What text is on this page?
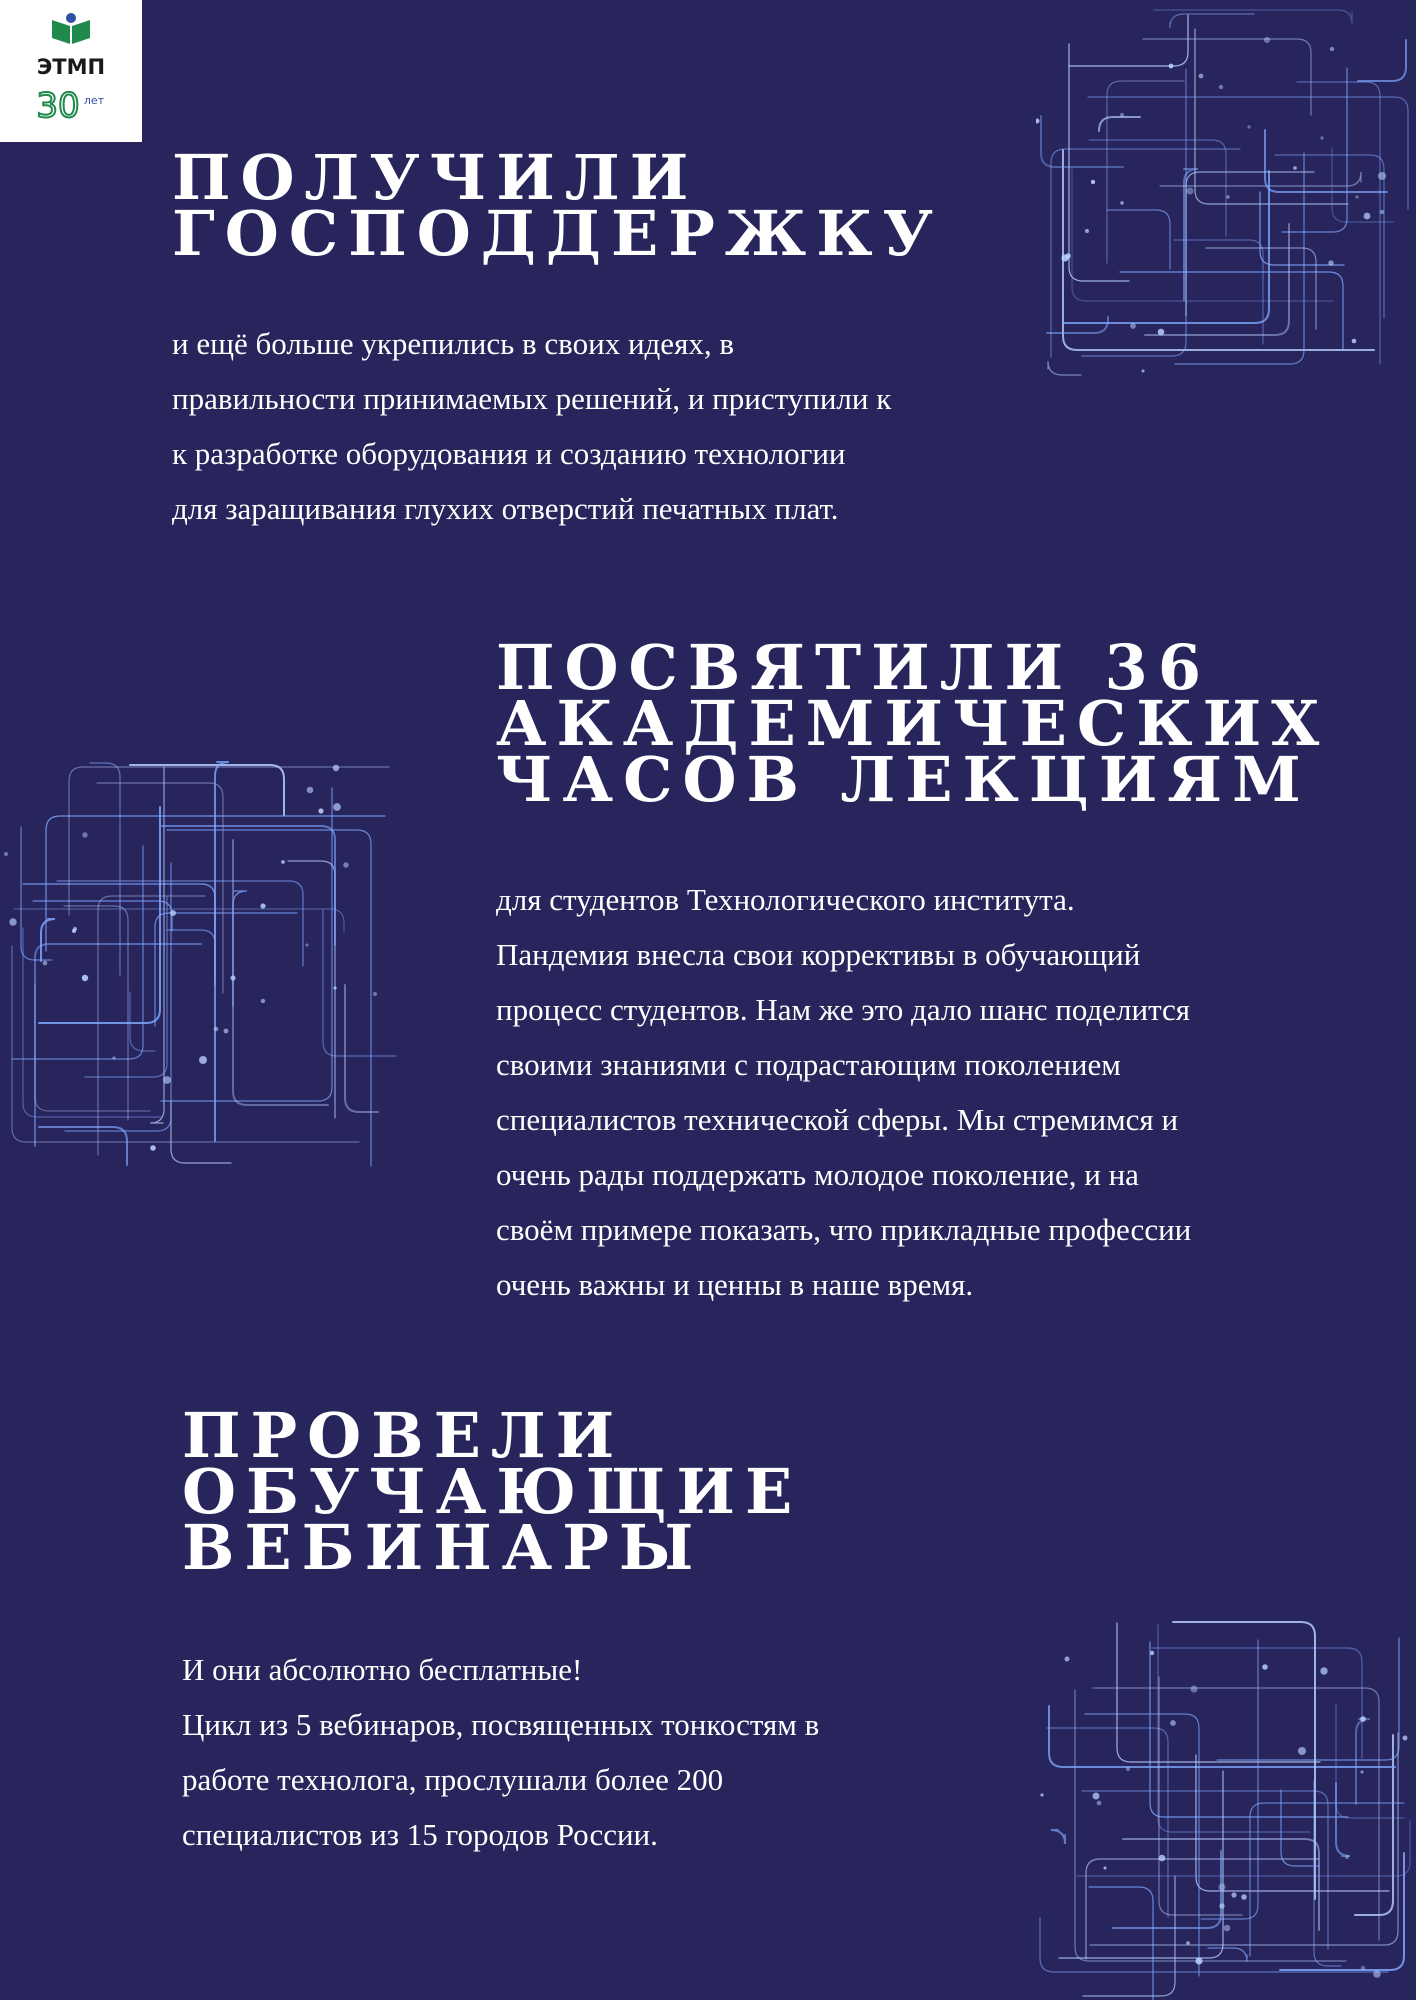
ЭТМП
30 лет
ПОЛУЧИЛИ
ГОСПОДДЕРЖКУ

и ещё больше укрепились в своих идеях, в
правильности принимаемых решений, и приступили к
к разработке оборудования и созданию технологии
для заращивания глухих отверстий печатных плат.

ПОСВЯТИЛИ 36
АКАДЕМИЧЕСКИХ
ЧАСОВ ЛЕКЦИЯМ

для студентов Технологического института.
Пандемия внесла свои коррективы в обучающий
процесс студентов. Нам же это дало шанс поделится
своими знаниями с подрастающим поколением
специалистов технической сферы. Мы стремимся и
очень рады поддержать молодое поколение, и на
своём примере показать, что прикладные профессии
очень важны и ценны в наше время.

ПРОВЕЛИ
ОБУЧАЮЩИЕ
ВЕБИНАРЫ

И они абсолютно бесплатные!
Цикл из 5 вебинаров, посвященных тонкостям в
работе технолога, прослушали более 200
специалистов из 15 городов России.
